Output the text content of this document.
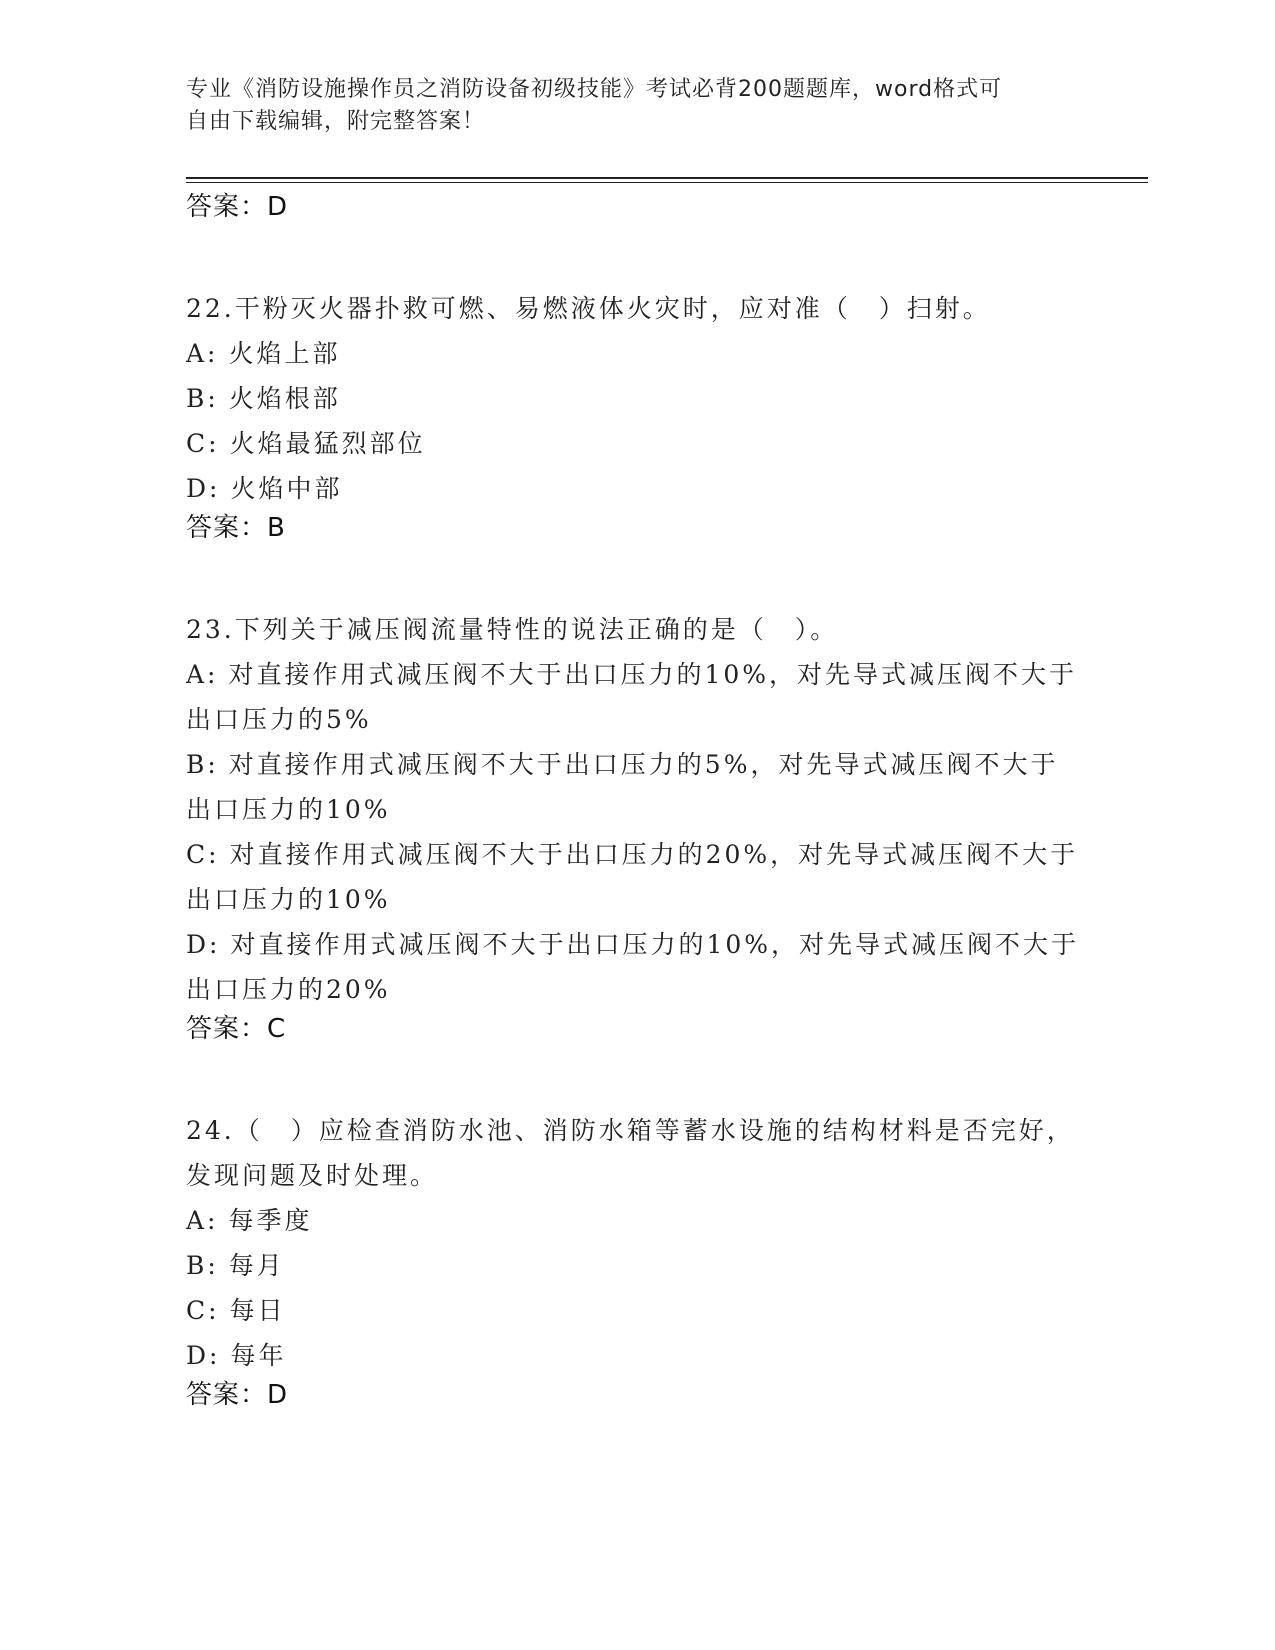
专业《消防设施操作员之消防设备初级技能》考试必背200题题库，word格式可
自由下载编辑，附完整答案！
答案：D
22.干粉灭火器扑救可燃、易燃液体火灾时，应对准（　）扫射。
A: 火焰上部
B: 火焰根部
C: 火焰最猛烈部位
D: 火焰中部
答案：B
23.下列关于减压阀流量特性的说法正确的是（　）。
A: 对直接作用式减压阀不大于出口压力的10%，对先导式减压阀不大于出口压力的5%
B: 对直接作用式减压阀不大于出口压力的5%，对先导式减压阀不大于出口压力的10%
C: 对直接作用式减压阀不大于出口压力的20%，对先导式减压阀不大于出口压力的10%
D: 对直接作用式减压阀不大于出口压力的10%，对先导式减压阀不大于出口压力的20%
答案：C
24.（　）应检查消防水池、消防水箱等蓄水设施的结构材料是否完好，发现问题及时处理。
A: 每季度
B: 每月
C: 每日
D: 每年
答案：D
